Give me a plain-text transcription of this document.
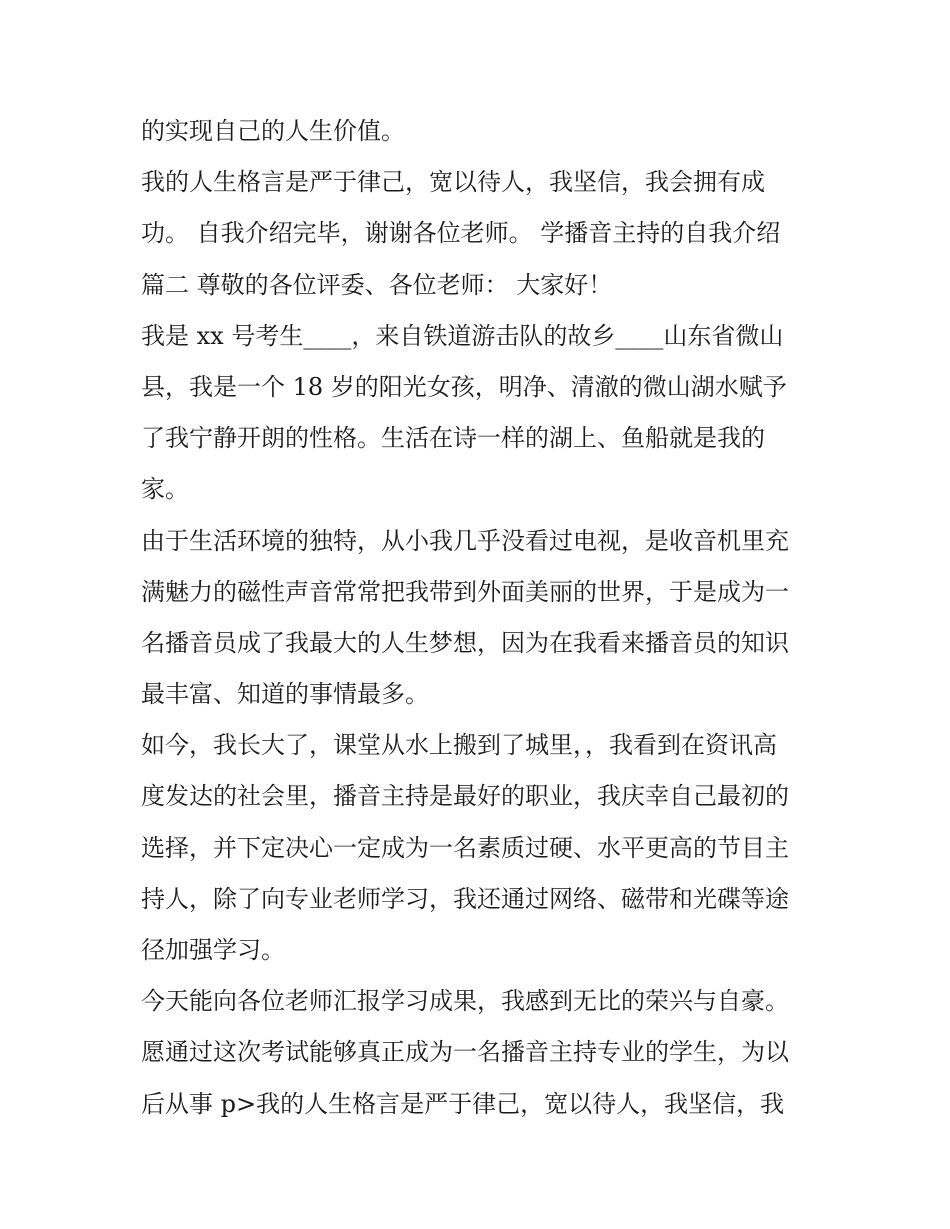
的实现自己的人生价值。
我的人生格言是严于律己，宽以待人，我坚信，我会拥有成
功。 自我介绍完毕，谢谢各位老师。 学播音主持的自我介绍
篇二 尊敬的各位评委、各位老师： 大家好！
我是 xx 号考生____，来自铁道游击队的故乡____山东省微山
县，我是一个 18 岁的阳光女孩，明净、清澈的微山湖水赋予
了我宁静开朗的性格。生活在诗一样的湖上、鱼船就是我的
家。
由于生活环境的独特，从小我几乎没看过电视，是收音机里充
满魅力的磁性声音常常把我带到外面美丽的世界，于是成为一
名播音员成了我最大的人生梦想，因为在我看来播音员的知识
最丰富、知道的事情最多。
如今，我长大了，课堂从水上搬到了城里，，我看到在资讯高
度发达的社会里，播音主持是最好的职业，我庆幸自己最初的
选择，并下定决心一定成为一名素质过硬、水平更高的节目主
持人，除了向专业老师学习，我还通过网络、磁带和光碟等途
径加强学习。
今天能向各位老师汇报学习成果，我感到无比的荣兴与自豪。
愿通过这次考试能够真正成为一名播音主持专业的学生，为以
后从事 p>我的人生格言是严于律己，宽以待人，我坚信，我
